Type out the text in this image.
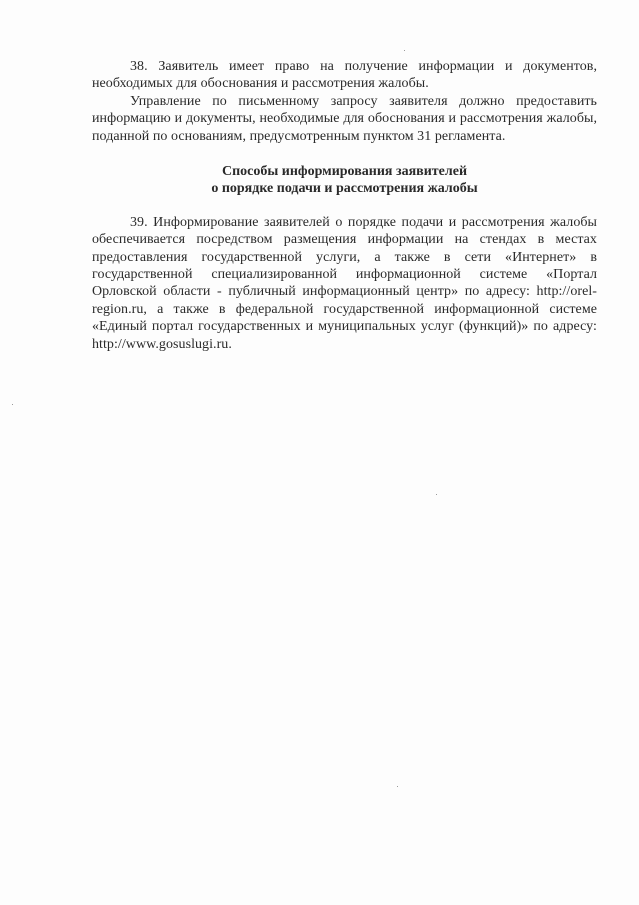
38. Заявитель имеет право на получение информации и документов, необходимых для обоснования и рассмотрения жалобы.

Управление по письменному запросу заявителя должно предоставить информацию и документы, необходимые для обоснования и рассмотрения жалобы, поданной по основаниям, предусмотренным пунктом 31 регламента.

Способы информирования заявителей
о порядке подачи и рассмотрения жалобы

39. Информирование заявителей о порядке подачи и рассмотрения жалобы обеспечивается посредством размещения информации на стендах в местах предоставления государственной услуги, а также в сети «Интернет» в государственной специализированной информационной системе «Портал Орловской области - публичный информационный центр» по адресу: http://orel-region.ru, а также в федеральной государственной информационной системе «Единый портал государственных и муниципальных услуг (функций)» по адресу: http://www.gosuslugi.ru.
